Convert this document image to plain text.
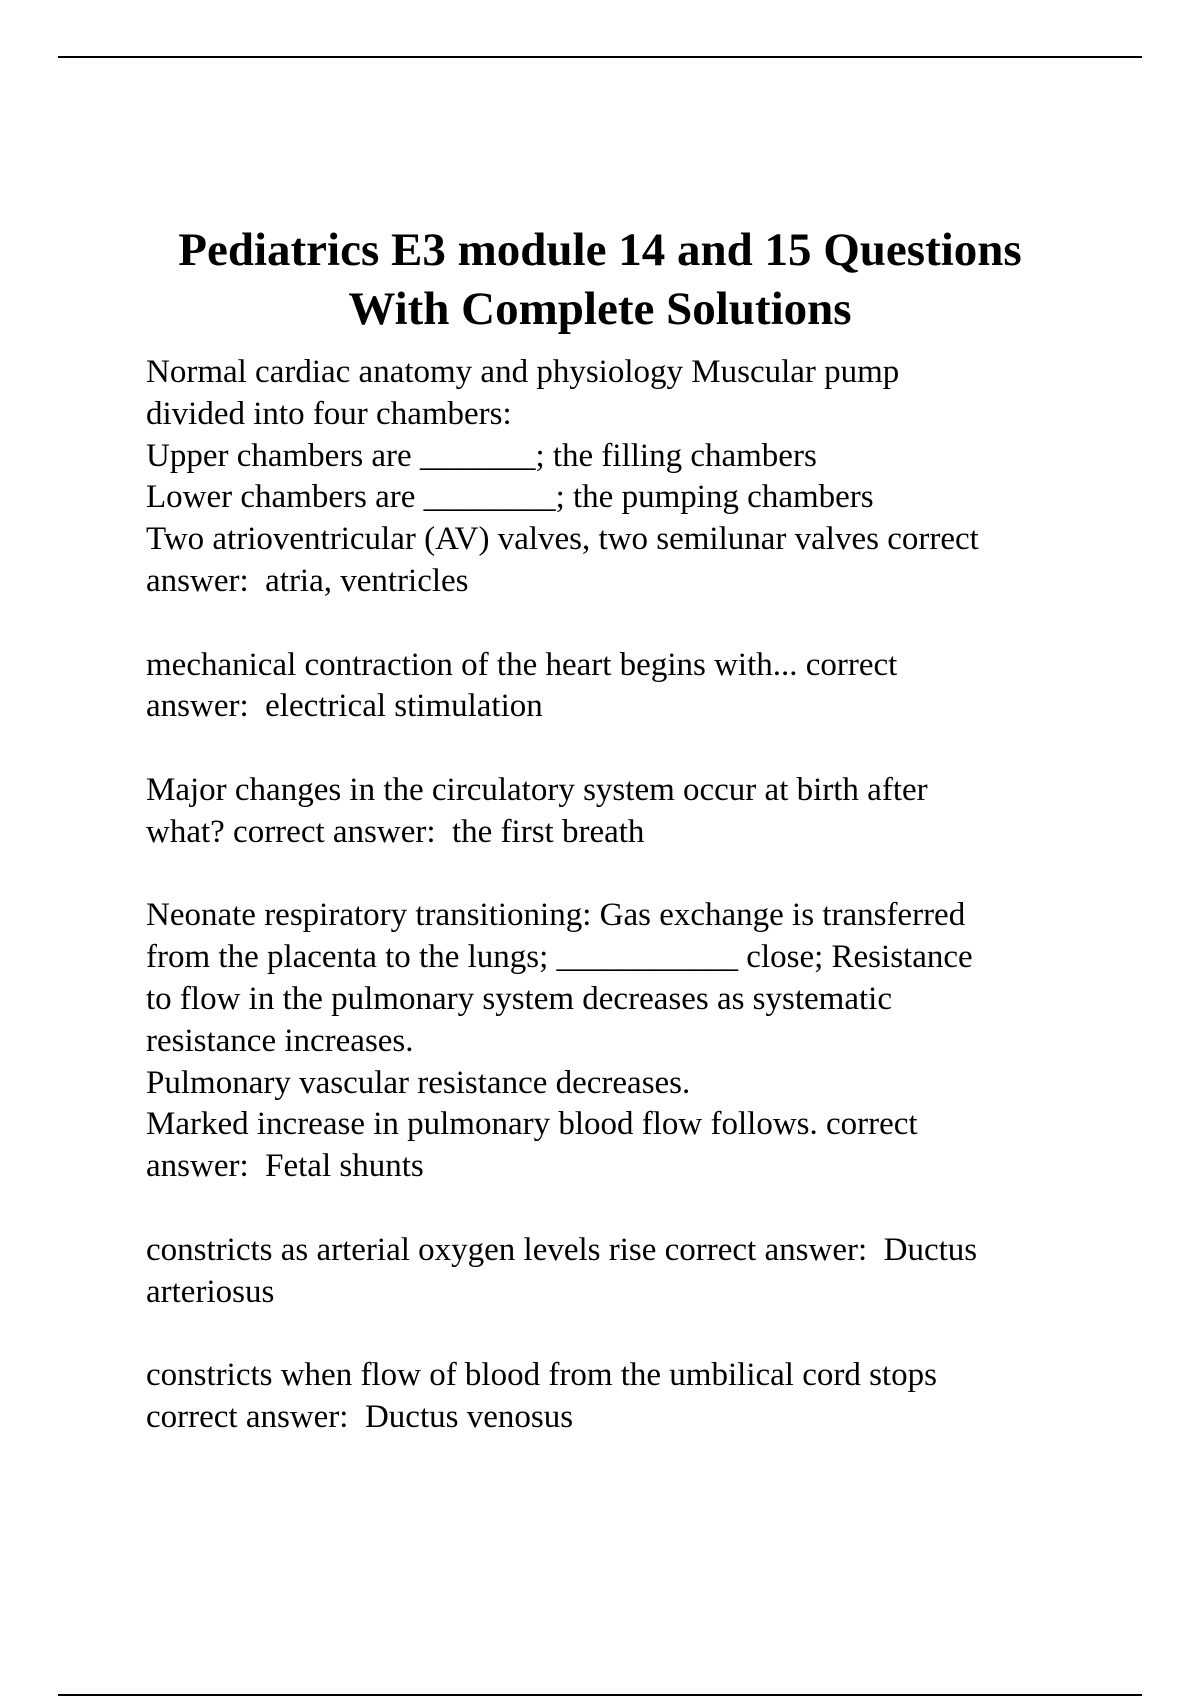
Pediatrics E3 module 14 and 15 Questions
With Complete Solutions
Normal cardiac anatomy and physiology Muscular pump
divided into four chambers:
Upper chambers are _______; the filling chambers
Lower chambers are ________; the pumping chambers
Two atrioventricular (AV) valves, two semilunar valves correct
answer:  atria, ventricles
mechanical contraction of the heart begins with... correct
answer:  electrical stimulation
Major changes in the circulatory system occur at birth after
what? correct answer:  the first breath
Neonate respiratory transitioning: Gas exchange is transferred
from the placenta to the lungs; ___________ close; Resistance
to flow in the pulmonary system decreases as systematic
resistance increases.
Pulmonary vascular resistance decreases.
Marked increase in pulmonary blood flow follows. correct
answer:  Fetal shunts
constricts as arterial oxygen levels rise correct answer:  Ductus
arteriosus
constricts when flow of blood from the umbilical cord stops
correct answer:  Ductus venosus
